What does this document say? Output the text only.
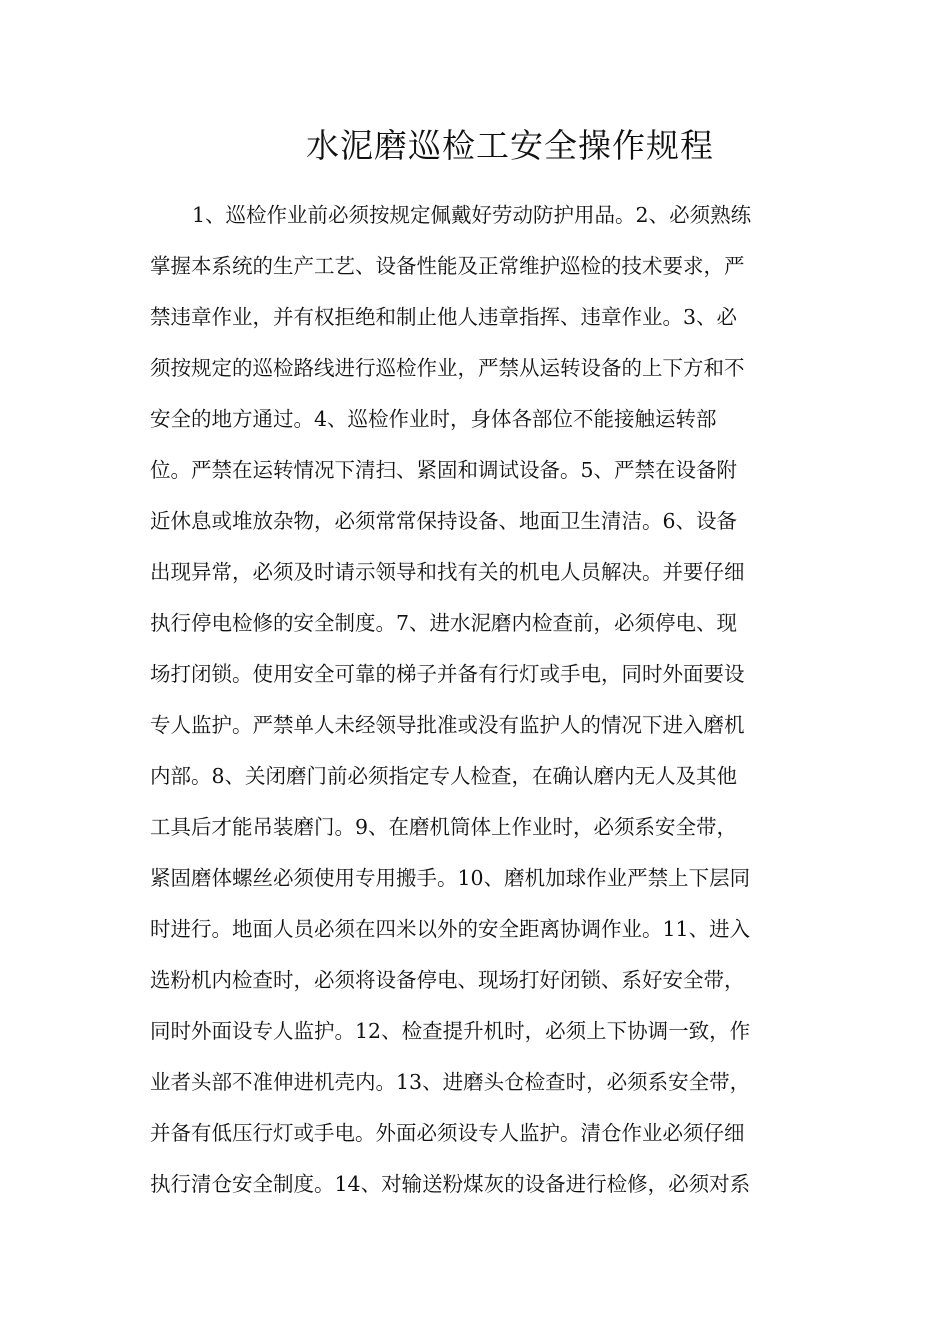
水泥磨巡检工安全操作规程
1、巡检作业前必须按规定佩戴好劳动防护用品。2、必须熟练
掌握本系统的生产工艺、设备性能及正常维护巡检的技术要求，严
禁违章作业，并有权拒绝和制止他人违章指挥、违章作业。3、必
须按规定的巡检路线进行巡检作业，严禁从运转设备的上下方和不
安全的地方通过。4、巡检作业时，身体各部位不能接触运转部
位。严禁在运转情况下清扫、紧固和调试设备。5、严禁在设备附
近休息或堆放杂物，必须常常保持设备、地面卫生清洁。6、设备
出现异常，必须及时请示领导和找有关的机电人员解决。并要仔细
执行停电检修的安全制度。7、进水泥磨内检查前，必须停电、现
场打闭锁。使用安全可靠的梯子并备有行灯或手电，同时外面要设
专人监护。严禁单人未经领导批准或没有监护人的情况下进入磨机
内部。8、关闭磨门前必须指定专人检查，在确认磨内无人及其他
工具后才能吊装磨门。9、在磨机筒体上作业时，必须系安全带，
紧固磨体螺丝必须使用专用搬手。10、磨机加球作业严禁上下层同
时进行。地面人员必须在四米以外的安全距离协调作业。11、进入
选粉机内检查时，必须将设备停电、现场打好闭锁、系好安全带，
同时外面设专人监护。12、检查提升机时，必须上下协调一致，作
业者头部不准伸进机壳内。13、进磨头仓检查时，必须系安全带，
并备有低压行灯或手电。外面必须设专人监护。清仓作业必须仔细
执行清仓安全制度。14、对输送粉煤灰的设备进行检修，必须对系
